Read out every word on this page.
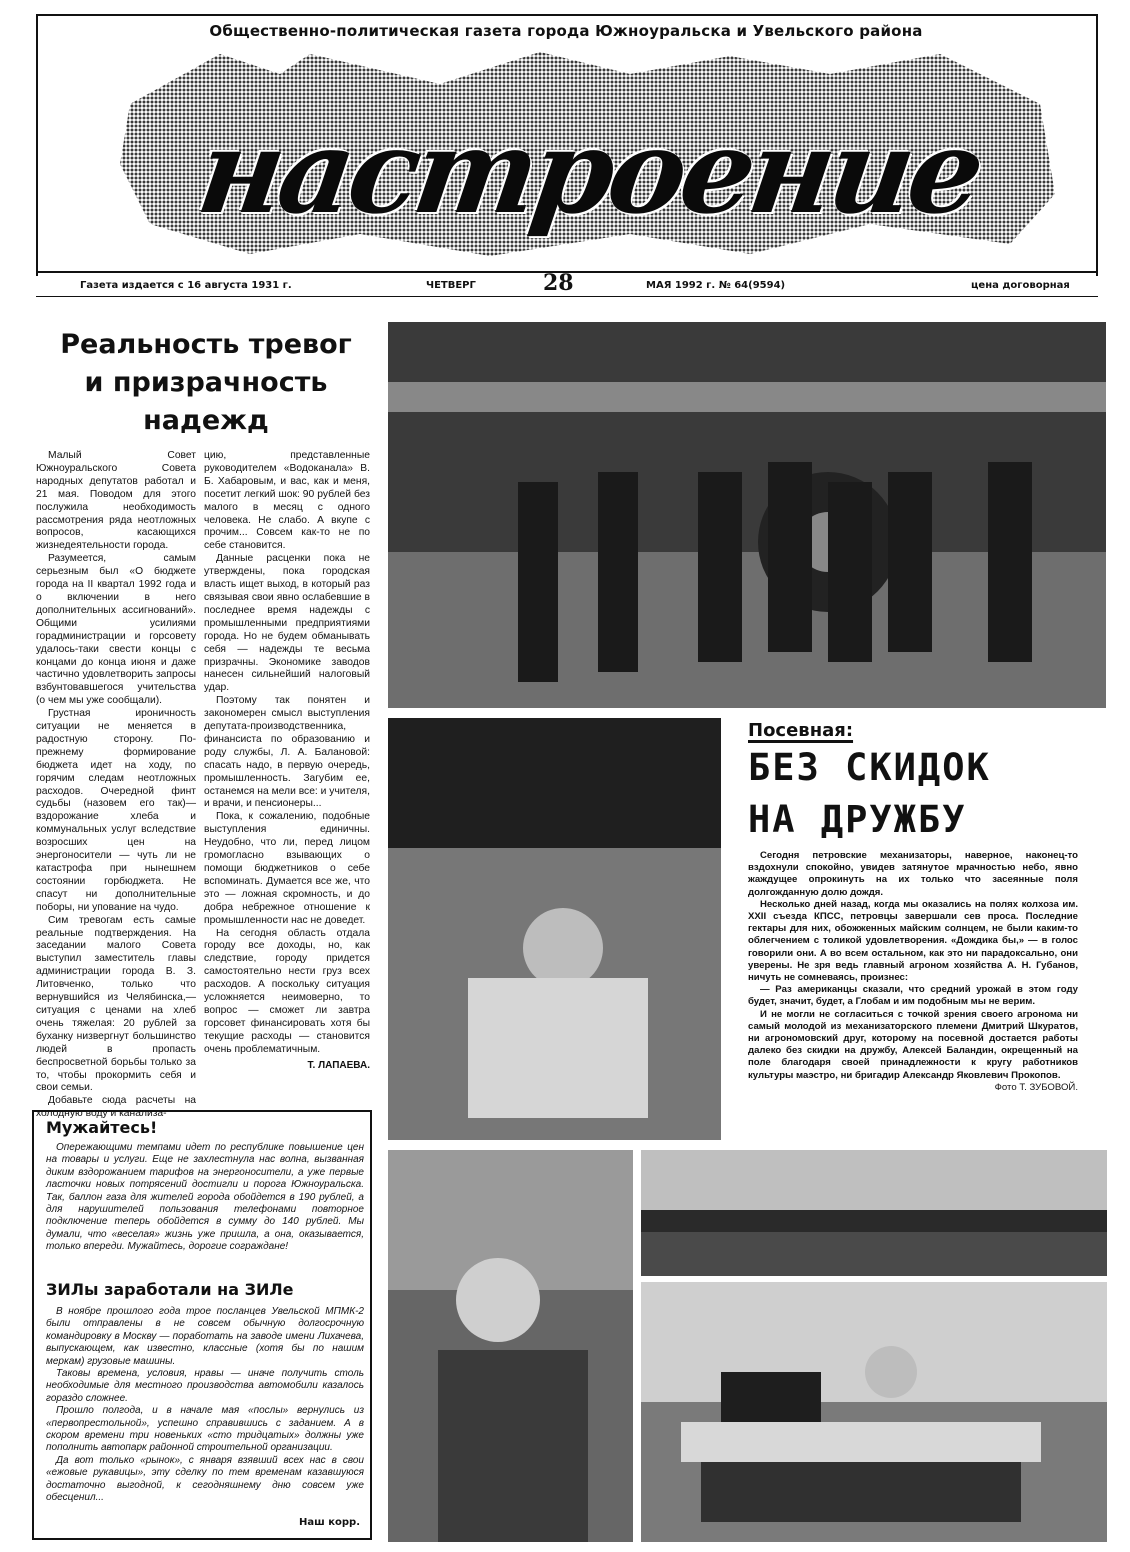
Общественно-политическая газета города Южноуральска и Увельского района
настроение
Газета издается с 16 августа 1931 г.	ЧЕТВЕРГ	28	МАЯ 1992 г. № 64(9594)	цена договорная
Реальность тревог
и призрачность
надежд

Малый Совет Южноуральского Совета народных депутатов работал и 21 мая. Поводом для этого послужила необходимость рассмотрения ряда неотложных вопросов, касающихся жизнедеятельности города.

Разумеется, самым серьезным был «О бюджете города на II квартал 1992 года и о включении в него дополнительных ассигнований». Общими усилиями горадминистрации и горсовету удалось-таки свести концы с концами до конца июня и даже частично удовлетворить запросы взбунтовавшегося учительства (о чем мы уже сообщали).

Грустная ироничность ситуации не меняется в радостную сторону. По-прежнему формирование бюджета идет на ходу, по горячим следам неотложных расходов. Очередной финт судьбы (назовем его так)—вздорожание хлеба и коммунальных услуг вследствие возросших цен на энергоносители — чуть ли не катастрофа при нынешнем состоянии горбюджета. Не спасут ни дополнительные поборы, ни упование на чудо.

Сим тревогам есть самые реальные подтверждения. На заседании малого Совета выступил заместитель главы администрации города В. З. Литовченко, только что вернувшийся из Челябинска,— ситуация с ценами на хлеб очень тяжелая: 20 рублей за буханку низвергнут большинство людей в пропасть беспросветной борьбы только за то, чтобы прокормить себя и свои семьи.

Добавьте сюда расчеты на холодную воду и канализа-

цию, представленные руководителем «Водоканала» В. Б. Хабаровым, и вас, как и меня, посетит легкий шок: 90 рублей без малого в месяц с одного человека. Не слабо. А вкупе с прочим... Совсем как-то не по себе становится.

Данные расценки пока не утверждены, пока городская власть ищет выход, в который раз связывая свои явно ослабевшие в последнее время надежды с промышленными предприятиями города. Но не будем обманывать себя — надежды те весьма призрачны. Экономике заводов нанесен сильнейший налоговый удар.

Поэтому так понятен и закономерен смысл выступления депутата-производственника, финансиста по образованию и роду службы, Л. А. Балановой: спасать надо, в первую очередь, промышленность. Загубим ее, останемся на мели все: и учителя, и врачи, и пенсионеры...

Пока, к сожалению, подобные выступления единичны. Неудобно, что ли, перед лицом громогласно взывающих о помощи бюджетников о себе вспоминать. Думается все же, что это — ложная скромность, и до добра небрежное отношение к промышленности нас не доведет.

На сегодня область отдала городу все доходы, но, как следствие, городу придется самостоятельно нести груз всех расходов. А поскольку ситуация усложняется неимоверно, то вопрос — сможет ли завтра горсовет финансировать хотя бы текущие расходы — становится очень проблематичным.

Т. ЛАПАЕВА.

Посевная:
БЕЗ СКИДОК
НА ДРУЖБУ

Сегодня петровские механизаторы, наверное, наконец-то вздохнули спокойно, увидев затянутое мрачностью небо, явно жаждущее опрокинуть на их только что засеянные поля долгожданную долю дождя.

Несколько дней назад, когда мы оказались на полях колхоза им. XXII съезда КПСС, петровцы завершали сев проса. Последние гектары для них, обожженных майским солнцем, не были каким-то облегчением с толикой удовлетворения. «Дождика бы,» — в голос говорили они. А во всем остальном, как это ни парадоксально, они уверены. Не зря ведь главный агроном хозяйства А. Н. Губанов, ничуть не сомневаясь, произнес:

— Раз американцы сказали, что средний урожай в этом году будет, значит, будет, а Глобам и им подобным мы не верим.

И не могли не согласиться с точкой зрения своего агронома ни самый молодой из механизаторского племени Дмитрий Шкуратов, ни агрономовский друг, которому на посевной достается работы далеко без скидки на дружбу, Алексей Баландин, окрещенный на поле благодаря своей принадлежности к кругу работников культуры маэстро, ни бригадир Александр Яковлевич Прокопов.

Фото Т. ЗУБОВОЙ.

Мужайтесь!

Опережающими темпами идет по республике повышение цен на товары и услуги. Еще не захлестнула нас волна, вызванная диким вздорожанием тарифов на энергоносители, а уже первые ласточки новых потрясений достигли и порога Южноуральска. Так, баллон газа для жителей города обойдется в 190 рублей, а для нарушителей пользования телефонами повторное подключение теперь обойдется в сумму до 140 рублей. Мы думали, что «веселая» жизнь уже пришла, а она, оказывается, только впереди. Мужайтесь, дорогие сограждане!

ЗИЛы заработали на ЗИЛе

В ноябре прошлого года трое посланцев Увельской МПМК-2 были отправлены в не совсем обычную долгосрочную командировку в Москву — поработать на заводе имени Лихачева, выпускающем, как известно, классные (хотя бы по нашим меркам) грузовые машины.

Таковы времена, условия, нравы — иначе получить столь необходимые для местного производства автомобили казалось гораздо сложнее.

Прошло полгода, и в начале мая «послы» вернулись из «первопрестольной», успешно справившись с заданием. А в скором времени три новеньких «сто тридцатых» должны уже пополнить автопарк районной строительной организации.

Да вот только «рынок», с января взявший всех нас в свои «ежовые рукавицы», эту сделку по тем временам казавшуюся достаточно выгодной, к сегодняшнему дню совсем уже обесценил...

Наш корр.
